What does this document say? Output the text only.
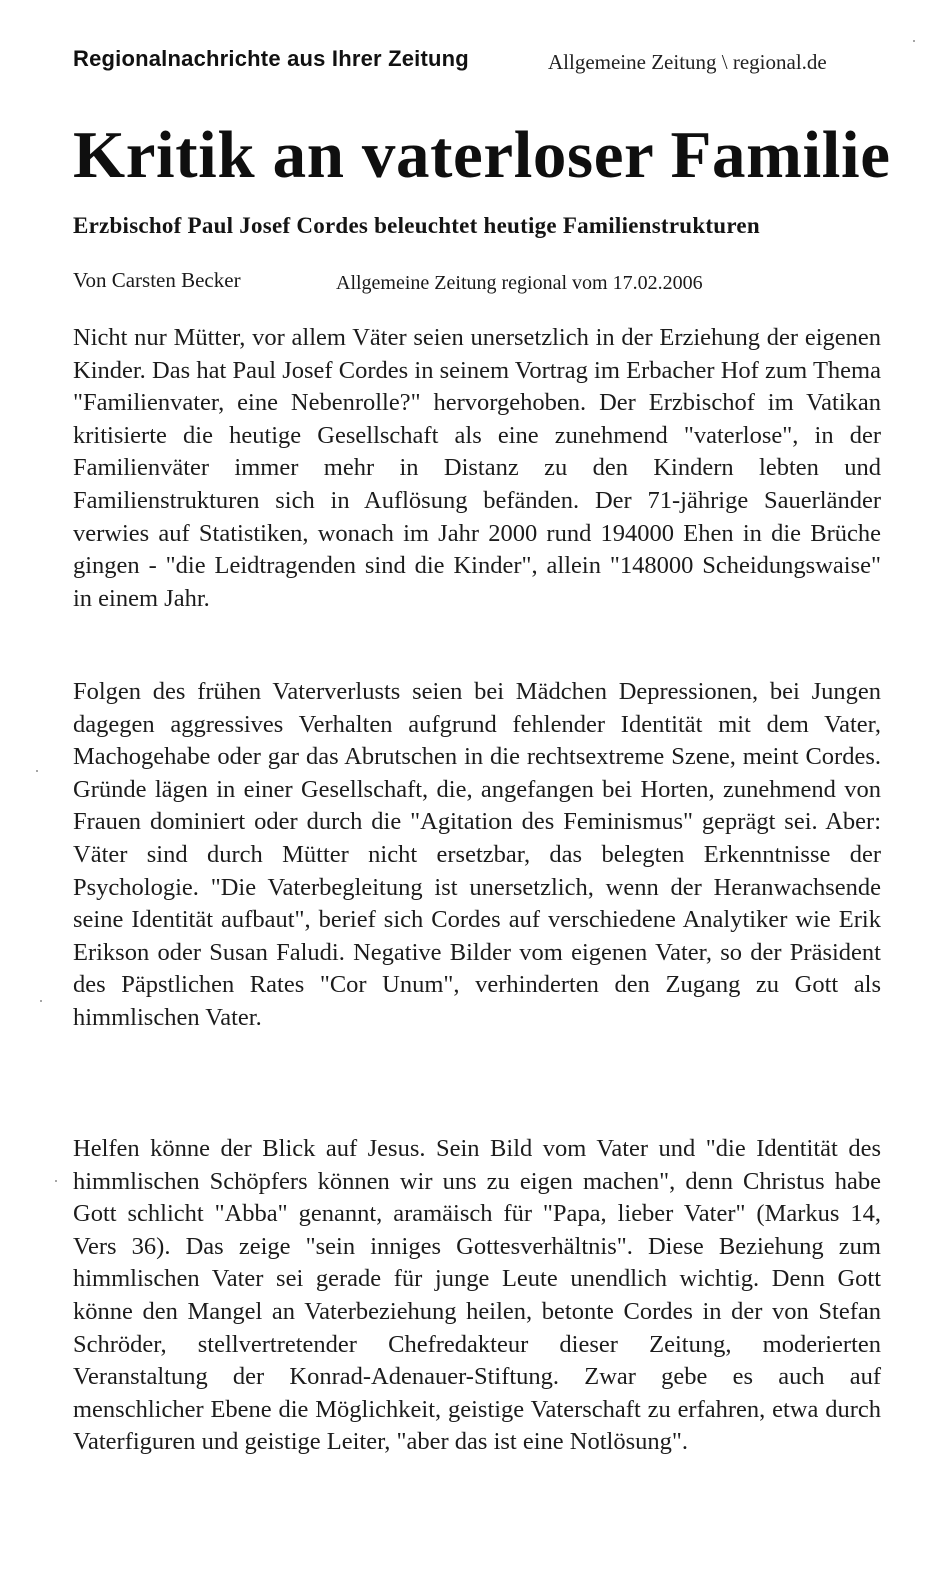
Regionalnachrichte aus Ihrer Zeitung	Allgemeine Zeitung \ regional.de
Kritik an vaterloser Familie
Erzbischof Paul Josef Cordes beleuchtet heutige Familienstrukturen
Von Carsten Becker	Allgemeine Zeitung regional vom 17.02.2006

Nicht nur Mütter, vor allem Väter seien unersetzlich in der Erziehung der eigenen Kinder. Das hat Paul Josef Cordes in seinem Vortrag im Erbacher Hof zum Thema "Familienvater, eine Nebenrolle?" hervorgehoben. Der Erzbischof im Vatikan kritisierte die heutige Gesellschaft als eine zunehmend "vaterlose", in der Familienväter immer mehr in Distanz zu den Kindern lebten und Familienstrukturen sich in Auflösung befänden. Der 71-jährige Sauerländer verwies auf Statistiken, wonach im Jahr 2000 rund 194000 Ehen in die Brüche gingen - "die Leidtragenden sind die Kinder", allein "148000 Scheidungswaise" in einem Jahr.

Folgen des frühen Vaterverlusts seien bei Mädchen Depressionen, bei Jungen dagegen aggressives Verhalten aufgrund fehlender Identität mit dem Vater, Machogehabe oder gar das Abrutschen in die rechtsextreme Szene, meint Cordes. Gründe lägen in einer Gesellschaft, die, angefangen bei Horten, zunehmend von Frauen dominiert oder durch die "Agitation des Feminismus" geprägt sei. Aber: Väter sind durch Mütter nicht ersetzbar, das belegten Erkenntnisse der Psychologie. "Die Vaterbegleitung ist unersetzlich, wenn der Heranwachsende seine Identität aufbaut", berief sich Cordes auf verschiedene Analytiker wie Erik Erikson oder Susan Faludi. Negative Bilder vom eigenen Vater, so der Präsident des Päpstlichen Rates "Cor Unum", verhinderten den Zugang zu Gott als himmlischen Vater.

Helfen könne der Blick auf Jesus. Sein Bild vom Vater und "die Identität des himmlischen Schöpfers können wir uns zu eigen machen", denn Christus habe Gott schlicht "Abba" genannt, aramäisch für "Papa, lieber Vater" (Markus 14, Vers 36). Das zeige "sein inniges Gottesverhältnis". Diese Beziehung zum himmlischen Vater sei gerade für junge Leute unendlich wichtig. Denn Gott könne den Mangel an Vaterbeziehung heilen, betonte Cordes in der von Stefan Schröder, stellvertretender Chefredakteur dieser Zeitung, moderierten Veranstaltung der Konrad-Adenauer-Stiftung. Zwar gebe es auch auf menschlicher Ebene die Möglichkeit, geistige Vaterschaft zu erfahren, etwa durch Vaterfiguren und geistige Leiter, "aber das ist eine Notlösung".
